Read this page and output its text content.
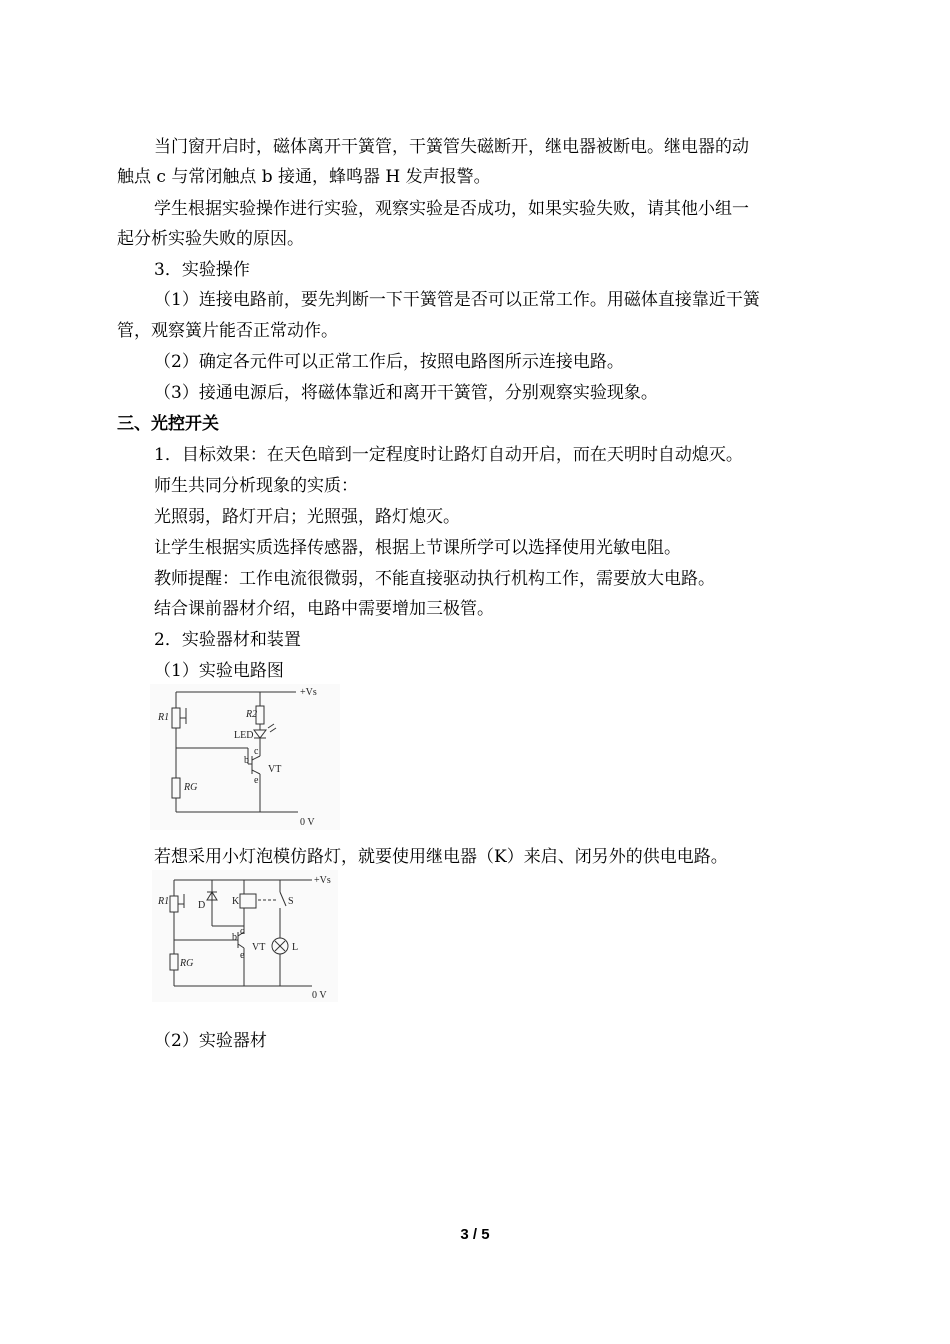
当门窗开启时，磁体离开干簧管，干簧管失磁断开，继电器被断电。继电器的动
触点 c 与常闭触点 b 接通，蜂鸣器 H 发声报警。
学生根据实验操作进行实验，观察实验是否成功，如果实验失败，请其他小组一
起分析实验失败的原因。
3．实验操作
（1）连接电路前，要先判断一下干簧管是否可以正常工作。用磁体直接靠近干簧
管，观察簧片能否正常动作。
（2）确定各元件可以正常工作后，按照电路图所示连接电路。
（3）接通电源后，将磁体靠近和离开干簧管，分别观察实验现象。
三、光控开关
1．目标效果：在天色暗到一定程度时让路灯自动开启，而在天明时自动熄灭。
师生共同分析现象的实质：
光照弱，路灯开启；光照强，路灯熄灭。
让学生根据实质选择传感器，根据上节课所学可以选择使用光敏电阻。
教师提醒：工作电流很微弱，不能直接驱动执行机构工作，需要放大电路。
结合课前器材介绍，电路中需要增加三极管。
2．实验器材和装置
（1）实验电路图
+Vs
0 V
R1	R2
LED
RG
VT
b
c
e
若想采用小灯泡模仿路灯，就要使用继电器（K）来启、闭另外的供电电路。
+Vs
0 V
R1
RG
D	K	S
L
VT
b
c
e
（2）实验器材
3 / 5
